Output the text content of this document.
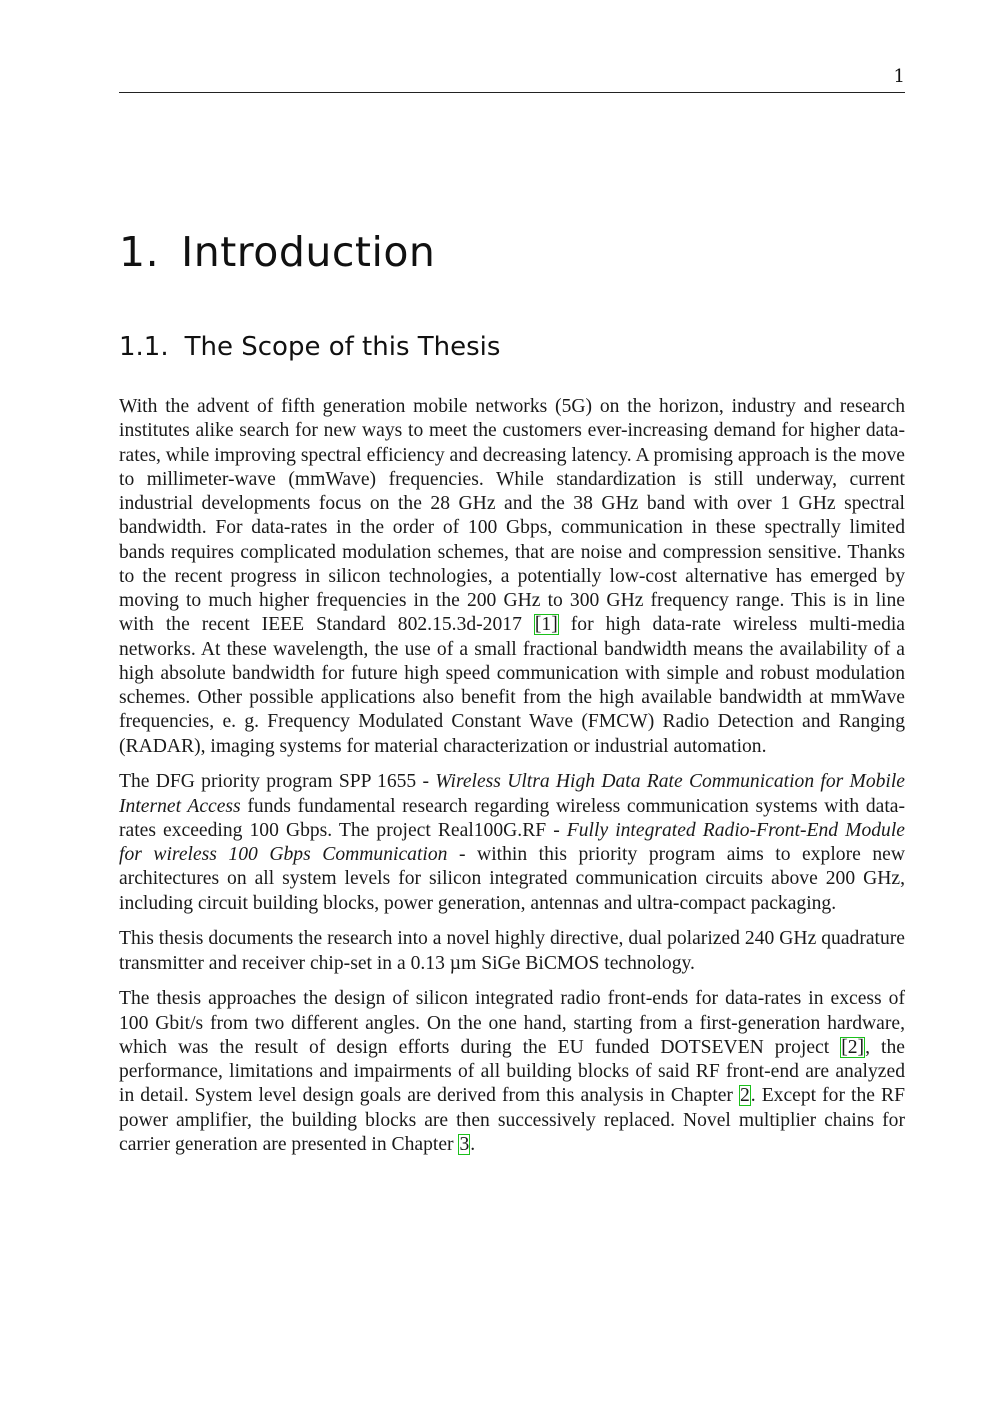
1
1. Introduction
1.1. The Scope of this Thesis

With the advent of fifth generation mobile networks (5G) on the horizon, industry and research institutes alike search for new ways to meet the customers ever-increasing demand for higher data-rates, while improving spectral efficiency and decreasing latency. A promising approach is the move to millimeter-wave (mmWave) frequencies. While standardization is still underway, current industrial developments focus on the 28 GHz and the 38 GHz band with over 1 GHz spectral bandwidth. For data-rates in the order of 100 Gbps, communication in these spectrally limited bands requires complicated modulation schemes, that are noise and compression sensitive. Thanks to the recent progress in silicon technologies, a potentially low-cost alternative has emerged by moving to much higher frequencies in the 200 GHz to 300 GHz frequency range. This is in line with the recent IEEE Standard 802.15.3d-2017 [1] for high data-rate wireless multi-media networks. At these wavelength, the use of a small fractional bandwidth means the availability of a high absolute bandwidth for future high speed communication with simple and robust modulation schemes. Other possible applications also benefit from the high available bandwidth at mmWave frequencies, e. g. Frequency Modulated Constant Wave (FMCW) Radio Detection and Ranging (RADAR), imaging systems for material characterization or industrial automation.

The DFG priority program SPP 1655 - Wireless Ultra High Data Rate Communication for Mobile Internet Access funds fundamental research regarding wireless communication systems with data-rates exceeding 100 Gbps. The project Real100G.RF - Fully integrated Radio-Front-End Module for wireless 100 Gbps Communication - within this priority program aims to explore new architectures on all system levels for silicon integrated communication circuits above 200 GHz, including circuit building blocks, power generation, antennas and ultra-compact packaging.

This thesis documents the research into a novel highly directive, dual polarized 240 GHz quadrature transmitter and receiver chip-set in a 0.13 µm SiGe BiCMOS technology.

The thesis approaches the design of silicon integrated radio front-ends for data-rates in excess of 100 Gbit/s from two different angles. On the one hand, starting from a first-generation hardware, which was the result of design efforts during the EU funded DOTSEVEN project [2], the performance, limitations and impairments of all building blocks of said RF front-end are analyzed in detail. System level design goals are derived from this analysis in Chapter 2. Except for the RF power amplifier, the building blocks are then successively replaced. Novel multiplier chains for carrier generation are presented in Chapter 3.
